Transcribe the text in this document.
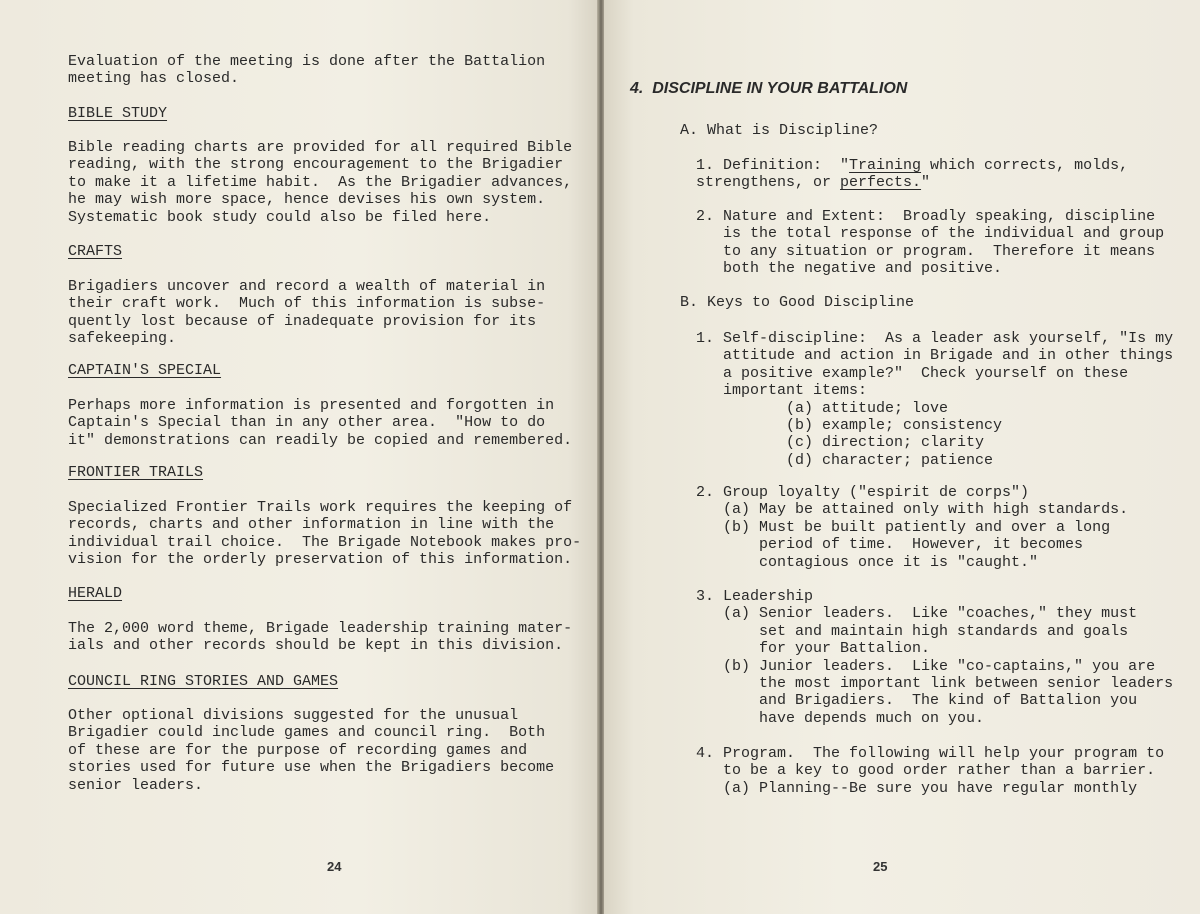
Evaluation of the meeting is done after the Battalion

meeting has closed.

BIBLE STUDY

Bible reading charts are provided for all required Bible

reading, with the strong encouragement to the Brigadier

to make it a lifetime habit.  As the Brigadier advances,

he may wish more space, hence devises his own system.

Systematic book study could also be filed here.

CRAFTS

Brigadiers uncover and record a wealth of material in

their craft work.  Much of this information is subse-

quently lost because of inadequate provision for its

safekeeping.

CAPTAIN'S SPECIAL

Perhaps more information is presented and forgotten in

Captain's Special than in any other area.  "How to do

it" demonstrations can readily be copied and remembered.

FRONTIER TRAILS

Specialized Frontier Trails work requires the keeping of

records, charts and other information in line with the

individual trail choice.  The Brigade Notebook makes pro-

vision for the orderly preservation of this information.

HERALD

The 2,000 word theme, Brigade leadership training mater-

ials and other records should be kept in this division.

COUNCIL RING STORIES AND GAMES

Other optional divisions suggested for the unusual

Brigadier could include games and council ring.  Both

of these are for the purpose of recording games and

stories used for future use when the Brigadiers become

senior leaders.

24
4.  DISCIPLINE IN YOUR BATTALION

A. What is Discipline?

1. Definition:  "Training which corrects, molds,

strengthens, or perfects."

2. Nature and Extent:  Broadly speaking, discipline

is the total response of the individual and group

to any situation or program.  Therefore it means

both the negative and positive.

B. Keys to Good Discipline

1. Self-discipline:  As a leader ask yourself, "Is my

attitude and action in Brigade and in other things

a positive example?"  Check yourself on these

important items:

(a) attitude; love

(b) example; consistency

(c) direction; clarity

(d) character; patience

2. Group loyalty ("espirit de corps")

(a) May be attained only with high standards.

(b) Must be built patiently and over a long

period of time.  However, it becomes

contagious once it is "caught."

3. Leadership

(a) Senior leaders.  Like "coaches," they must

set and maintain high standards and goals

for your Battalion.

(b) Junior leaders.  Like "co-captains," you are

the most important link between senior leaders

and Brigadiers.  The kind of Battalion you

have depends much on you.

4. Program.  The following will help your program to

to be a key to good order rather than a barrier.

(a) Planning--Be sure you have regular monthly

25
